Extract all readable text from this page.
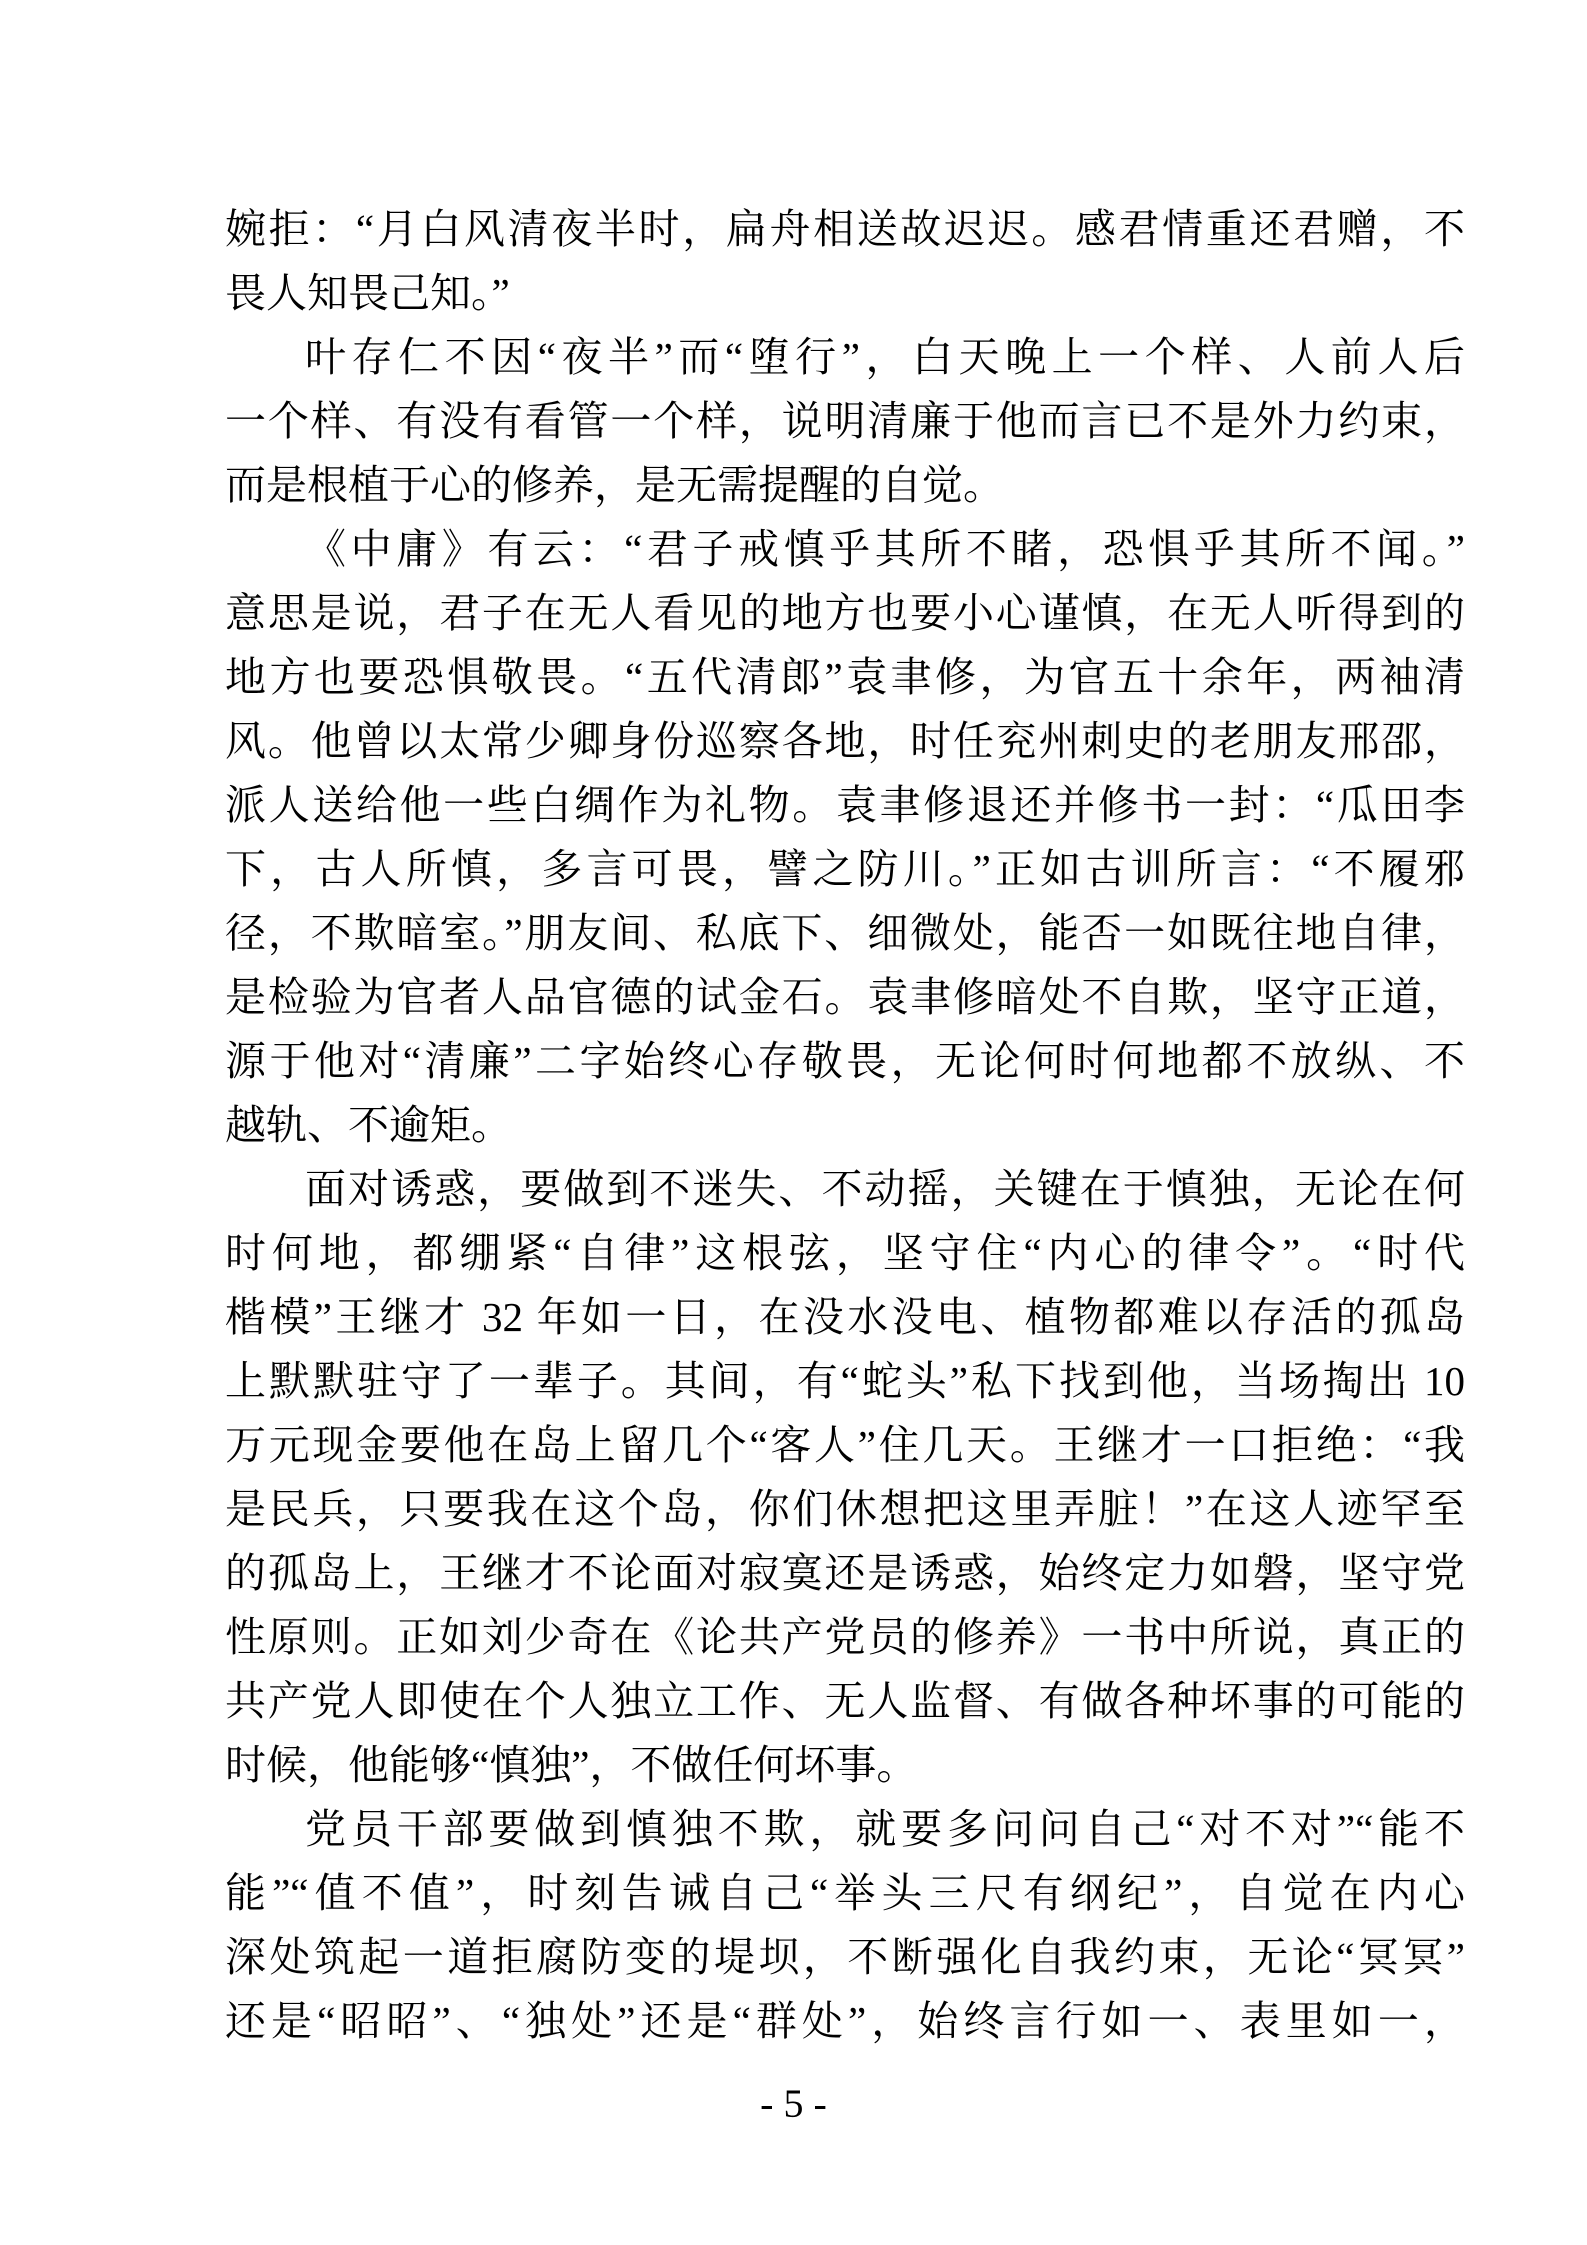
婉拒：“月白风清夜半时，扁舟相送故迟迟。感君情重还君赠，不
畏人知畏己知。”
叶存仁不因“夜半”而“堕行”，白天晚上一个样、人前人后
一个样、有没有看管一个样，说明清廉于他而言已不是外力约束，
而是根植于心的修养，是无需提醒的自觉。
《中庸》有云：“君子戒慎乎其所不睹，恐惧乎其所不闻。”
意思是说，君子在无人看见的地方也要小心谨慎，在无人听得到的
地方也要恐惧敬畏。“五代清郎”袁聿修，为官五十余年，两袖清
风。他曾以太常少卿身份巡察各地，时任兖州刺史的老朋友邢邵，
派人送给他一些白绸作为礼物。袁聿修退还并修书一封：“瓜田李
下，古人所慎，多言可畏，譬之防川。”正如古训所言：“不履邪
径，不欺暗室。”朋友间、私底下、细微处，能否一如既往地自律，
是检验为官者人品官德的试金石。袁聿修暗处不自欺，坚守正道，
源于他对“清廉”二字始终心存敬畏，无论何时何地都不放纵、不
越轨、不逾矩。
面对诱惑，要做到不迷失、不动摇，关键在于慎独，无论在何
时何地，都绷紧“自律”这根弦，坚守住“内心的律令”。“时代
楷模”王继才 32 年如一日，在没水没电、植物都难以存活的孤岛
上默默驻守了一辈子。其间，有“蛇头”私下找到他，当场掏出 10
万元现金要他在岛上留几个“客人”住几天。王继才一口拒绝：“我
是民兵，只要我在这个岛，你们休想把这里弄脏！”在这人迹罕至
的孤岛上，王继才不论面对寂寞还是诱惑，始终定力如磐，坚守党
性原则。正如刘少奇在《论共产党员的修养》一书中所说，真正的
共产党人即使在个人独立工作、无人监督、有做各种坏事的可能的
时候，他能够“慎独”，不做任何坏事。
党员干部要做到慎独不欺，就要多问问自己“对不对”“能不
能”“值不值”，时刻告诫自己“举头三尺有纲纪”，自觉在内心
深处筑起一道拒腐防变的堤坝，不断强化自我约束，无论“冥冥”
还是“昭昭”、“独处”还是“群处”，始终言行如一、表里如一，
- 5 -
